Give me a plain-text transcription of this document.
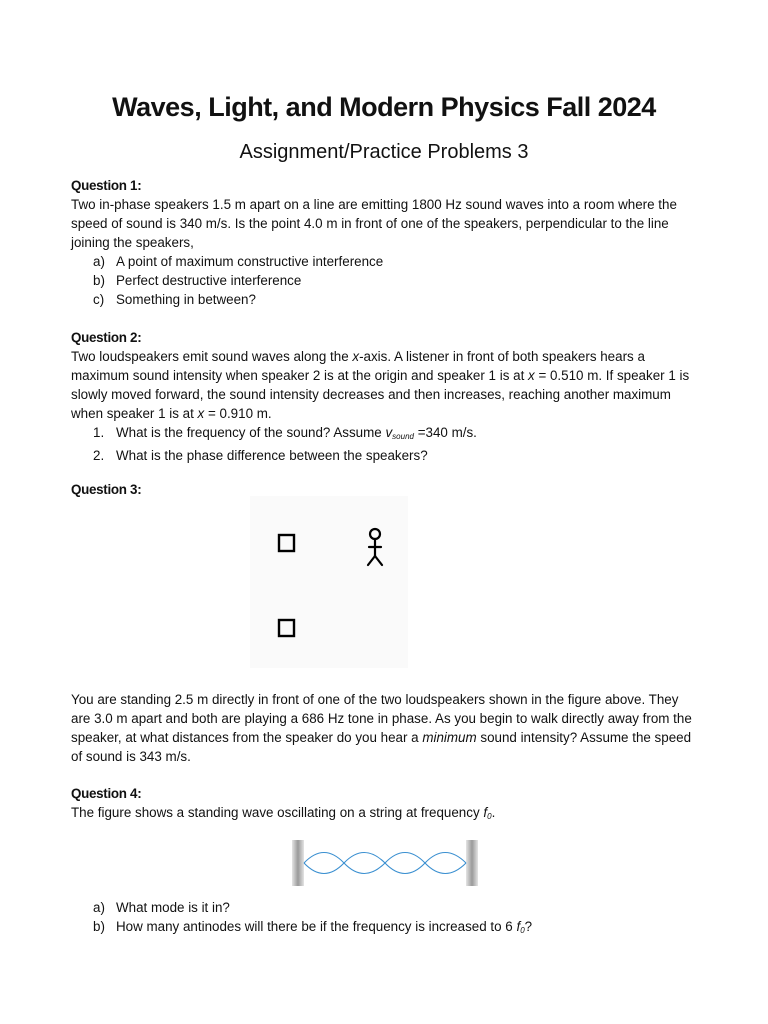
Waves, Light, and Modern Physics Fall 2024
Assignment/Practice Problems 3
Question 1:
Two in-phase speakers 1.5 m apart on a line are emitting 1800 Hz sound waves into a room where the speed of sound is 340 m/s. Is the point 4.0 m in front of one of the speakers, perpendicular to the line joining the speakers,
a) A point of maximum constructive interference
b) Perfect destructive interference
c) Something in between?
Question 2:
Two loudspeakers emit sound waves along the x-axis. A listener in front of both speakers hears a maximum sound intensity when speaker 2 is at the origin and speaker 1 is at x = 0.510 m. If speaker 1 is slowly moved forward, the sound intensity decreases and then increases, reaching another maximum when speaker 1 is at x = 0.910 m.
1. What is the frequency of the sound? Assume $v_{sound} =340$ m/s.
2. What is the phase difference between the speakers?
Question 3:
You are standing 2.5 m directly in front of one of the two loudspeakers shown in the figure above. They are 3.0 m apart and both are playing a 686 Hz tone in phase. As you begin to walk directly away from the speaker, at what distances from the speaker do you hear a minimum sound intensity? Assume the speed of sound is 343 m/s.
Question 4:
The figure shows a standing wave oscillating on a string at frequency $f_0$.
a) What mode is it in?
b) How many antinodes will there be if the frequency is increased to 6 $f_0$?
